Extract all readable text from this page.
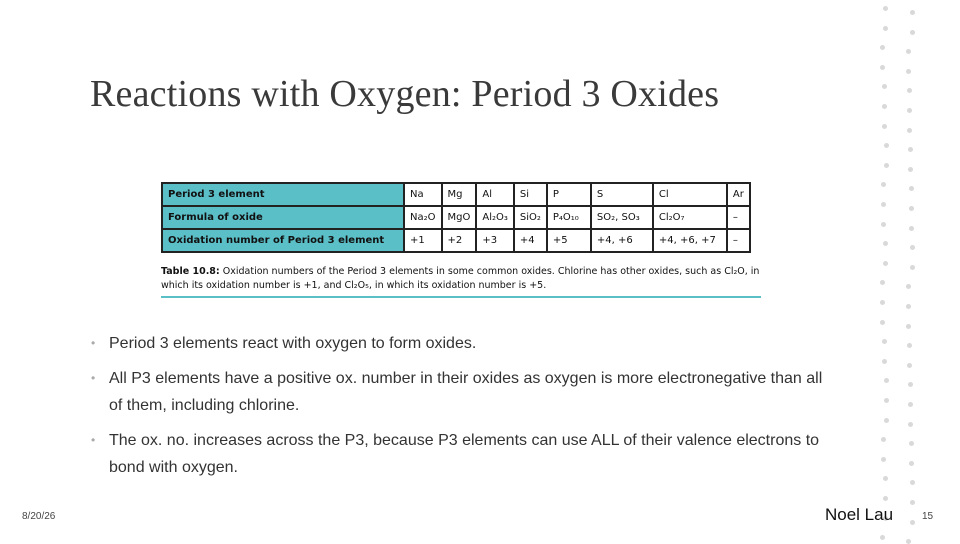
Reactions with Oxygen: Period 3 Oxides
Period 3 element	Na	Mg	Al	Si	P	S	Cl	Ar
Formula of oxide	Na₂O	MgO	Al₂O₃	SiO₂	P₄O₁₀	SO₂, SO₃	Cl₂O₇	–
Oxidation number of Period 3 element	+1	+2	+3	+4	+5	+4, +6	+4, +6, +7	–
Table 10.8: Oxidation numbers of the Period 3 elements in some common oxides. Chlorine has other oxides, such as Cl₂O, in which its oxidation number is +1, and Cl₂O₅, in which its oxidation number is +5.
• Period 3 elements react with oxygen to form oxides.
• All P3 elements have a positive ox. number in their oxides as oxygen is more electronegative than all of them, including chlorine.
• The ox. no. increases across the P3, because P3 elements can use ALL of their valence electrons to bond with oxygen.
8/20/26	Noel Lau	15
